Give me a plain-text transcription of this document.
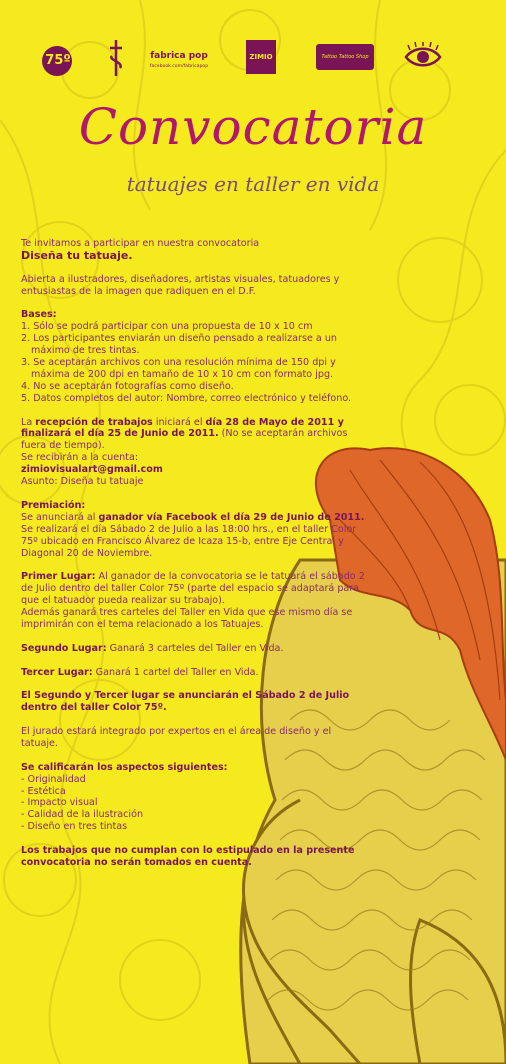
75º	fabrica pop
facebook.com/fabricapop
ZIMIO	Tattoo Tattoo Shop
Convocatoria
tatuajes en taller en vida
Te invitamos a participar en nuestra convocatoria

Diseña tu tatuaje.

Abierta a ilustradores, diseñadores, artistas visuales, tatuadores y entusiastas de la imagen que radiquen en el D.F.

Bases:
1. Sólo se podrá participar con una propuesta de 10 x 10 cm
2. Los participantes enviarán un diseño pensado a realizarse a un máximo de tres tintas.
3. Se aceptarán archivos con una resolución mínima de 150 dpi y máxima de 200 dpi en tamaño de 10 x 10 cm con formato jpg.
4. No se aceptarán fotografías como diseño.
5. Datos completos del autor: Nombre, correo electrónico y teléfono.
La recepción de trabajos iniciará el día 28 de Mayo de 2011 y finalizará el día 25 de Junio de 2011. (No se aceptarán archivos fuera de tiempo).
Se recibirán a la cuenta:
zimiovisualart@gmail.com

Asunto: Diseña tu tatuaje

Premiación:
Se anunciará al ganador vía Facebook el día 29 de Junio de 2011.

Se realizará el día Sábado 2 de Julio a las 18:00 hrs., en el taller Color 75º ubicado en Francisco Álvarez de Icaza 15-b, entre Eje Central y Diagonal 20 de Noviembre.

Primer Lugar: Al ganador de la convocatoria se le tatuará el sábado 2 de Julio dentro del taller Color 75º (parte del espacio se adaptará para que el tatuador pueda realizar su trabajo).

Además ganará tres carteles del Taller en Vida que ese mismo día se imprimirán con el tema relacionado a los Tatuajes.

Segundo Lugar: Ganará 3 carteles del Taller en Vida.

Tercer Lugar: Ganará 1 cartel del Taller en Vida.

El Segundo y Tercer lugar se anunciarán el Sábado 2 de Julio dentro del taller Color 75º.

El jurado estará integrado por expertos en el área de diseño y el tatuaje.

Se calificarán los aspectos siguientes:
- Originalidad
- Estética
- Impacto visual
- Calidad de la ilustración
- Diseño en tres tintas

Los trabajos que no cumplan con lo estipulado en la presente convocatoria no serán tomados en cuenta.
